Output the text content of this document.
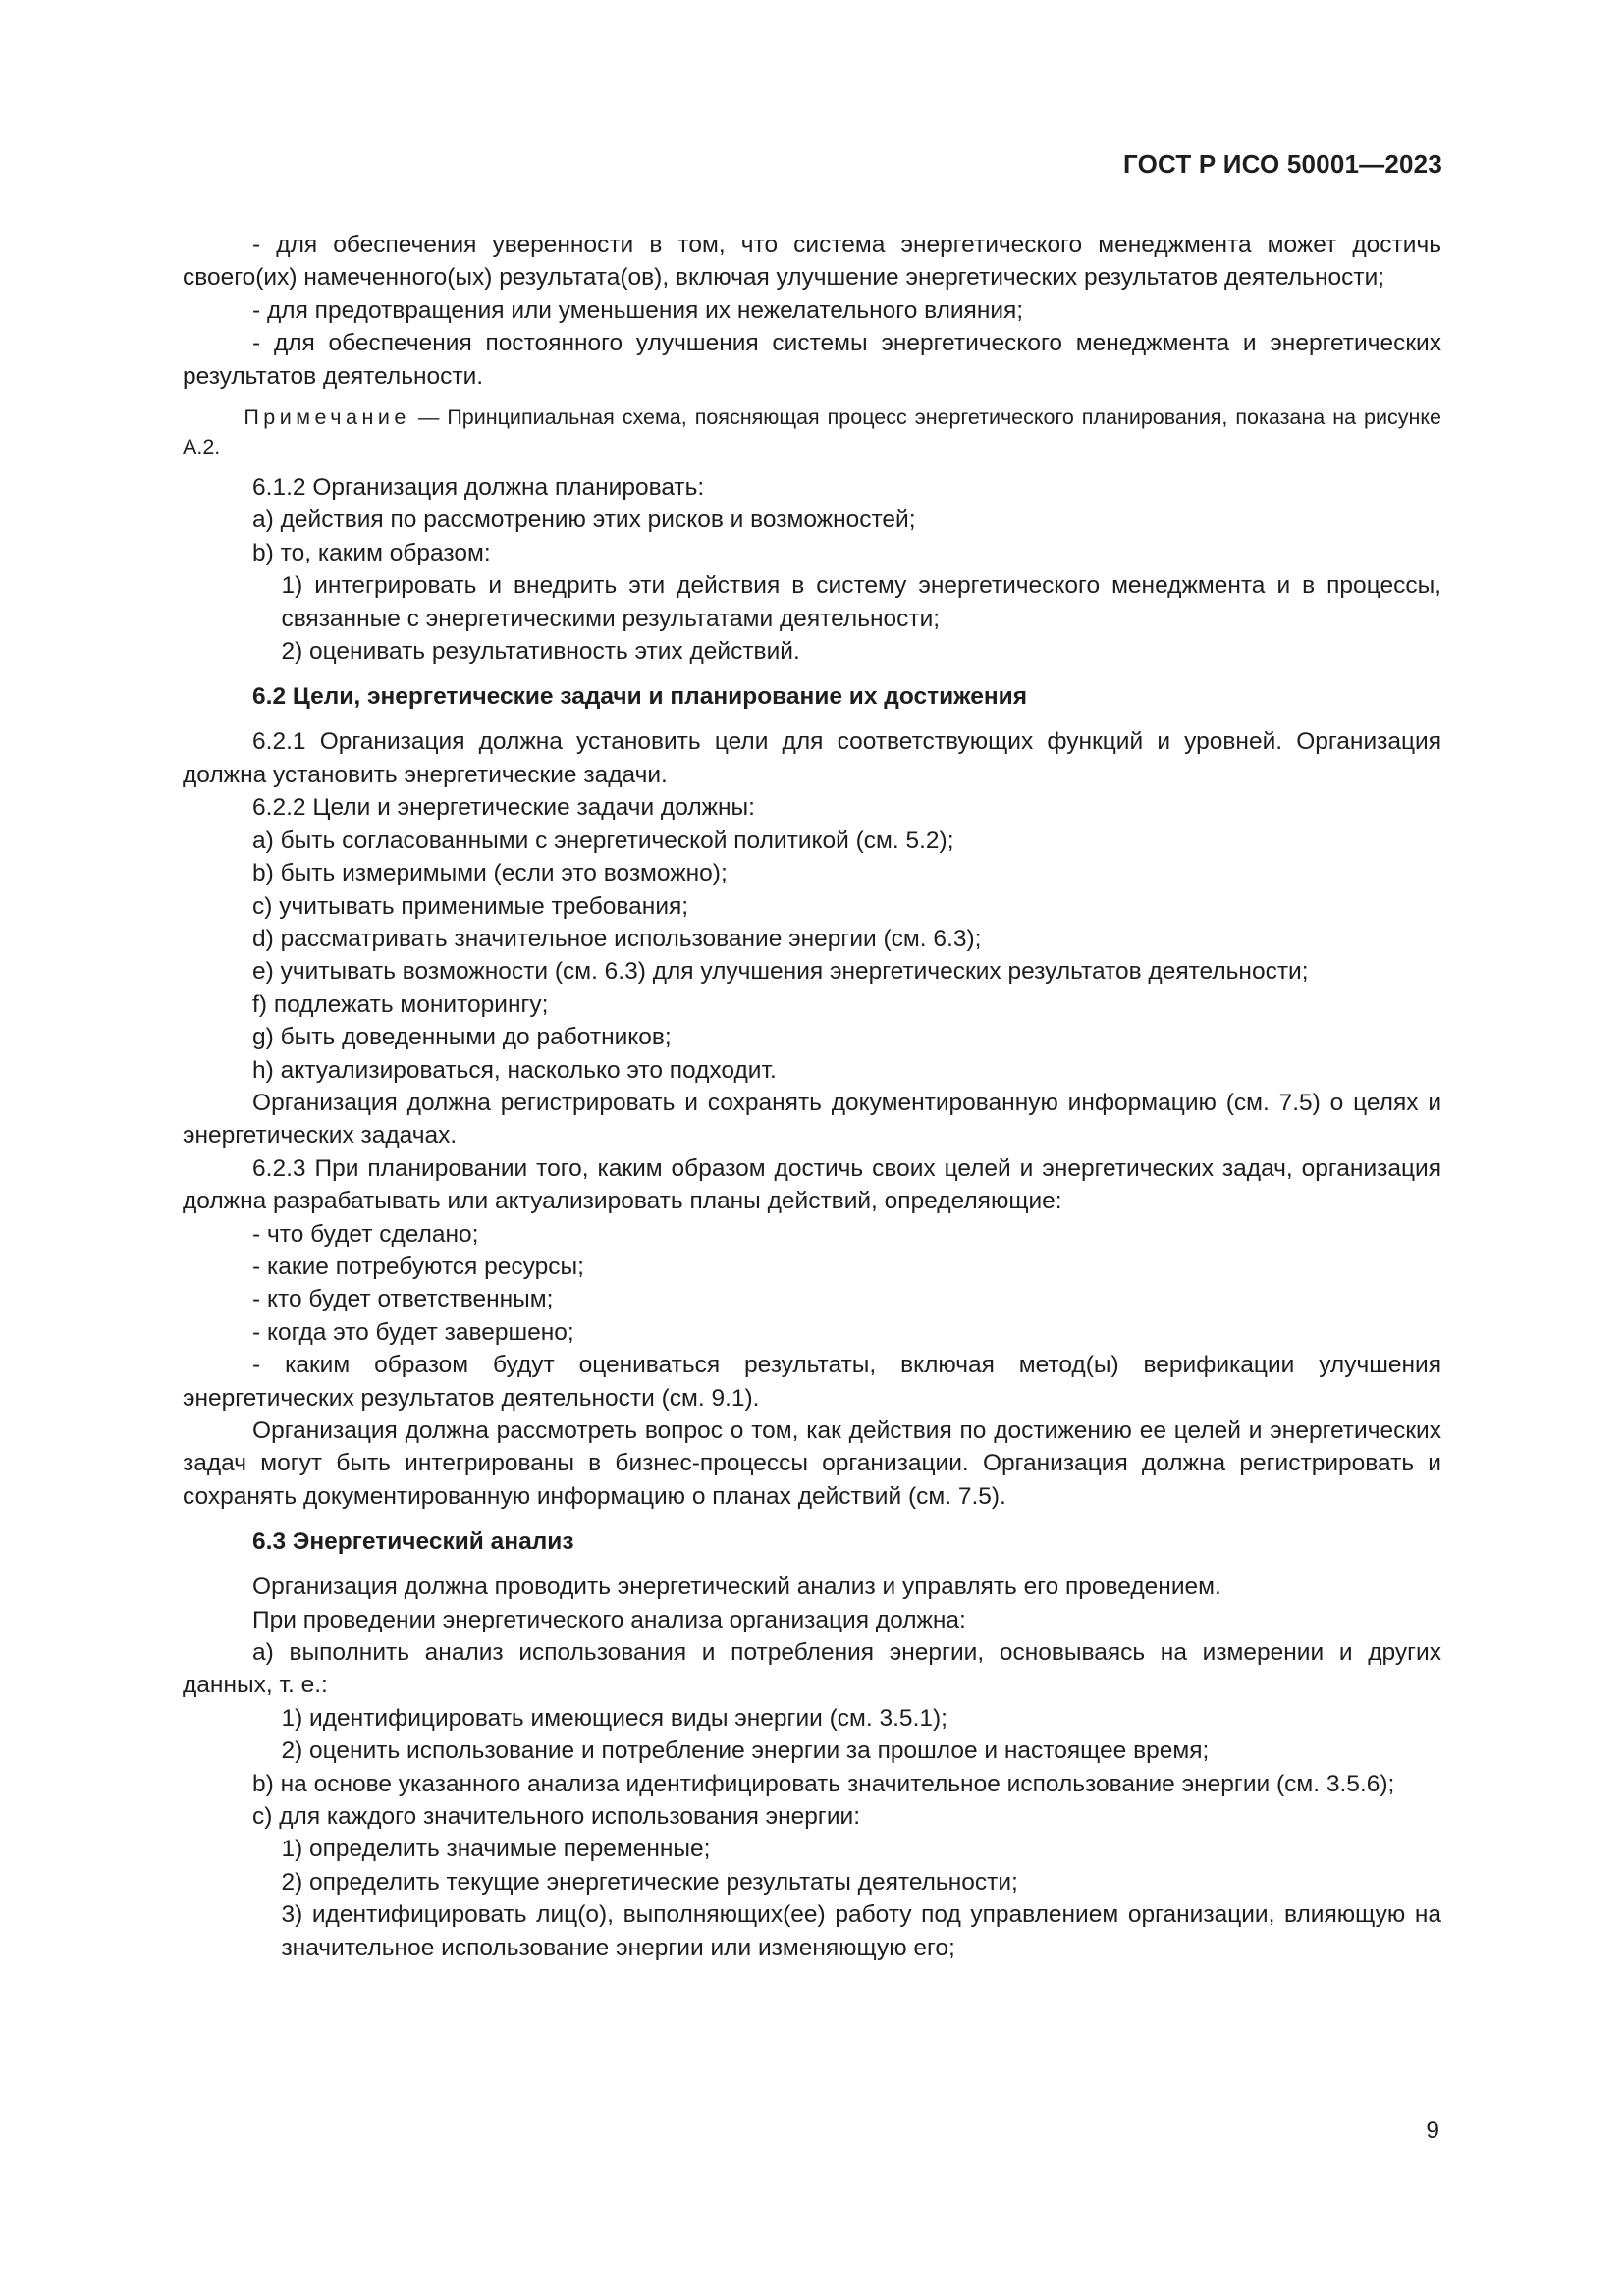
ГОСТ Р ИСО 50001—2023

- для обеспечения уверенности в том, что система энергетического менеджмента может достичь своего(их) намеченного(ых) результата(ов), включая улучшение энергетических результатов деятельности;

- для предотвращения или уменьшения их нежелательного влияния;

- для обеспечения постоянного улучшения системы энергетического менеджмента и энергетических результатов деятельности.

Примечание — Принципиальная схема, поясняющая процесс энергетического планирования, показана на рисунке А.2.

6.1.2 Организация должна планировать:

a) действия по рассмотрению этих рисков и возможностей;

b) то, каким образом:

1) интегрировать и внедрить эти действия в систему энергетического менеджмента и в процессы, связанные с энергетическими результатами деятельности;

2) оценивать результативность этих действий.

6.2 Цели, энергетические задачи и планирование их достижения

6.2.1 Организация должна установить цели для соответствующих функций и уровней. Организация должна установить энергетические задачи.

6.2.2 Цели и энергетические задачи должны:

a) быть согласованными с энергетической политикой (см. 5.2);

b) быть измеримыми (если это возможно);

c) учитывать применимые требования;

d) рассматривать значительное использование энергии (см. 6.3);

e) учитывать возможности (см. 6.3) для улучшения энергетических результатов деятельности;

f) подлежать мониторингу;

g) быть доведенными до работников;

h) актуализироваться, насколько это подходит.

Организация должна регистрировать и сохранять документированную информацию (см. 7.5) о целях и энергетических задачах.

6.2.3 При планировании того, каким образом достичь своих целей и энергетических задач, организация должна разрабатывать или актуализировать планы действий, определяющие:

- что будет сделано;

- какие потребуются ресурсы;

- кто будет ответственным;

- когда это будет завершено;

- каким образом будут оцениваться результаты, включая метод(ы) верификации улучшения энергетических результатов деятельности (см. 9.1).

Организация должна рассмотреть вопрос о том, как действия по достижению ее целей и энергетических задач могут быть интегрированы в бизнес-процессы организации. Организация должна регистрировать и сохранять документированную информацию о планах действий (см. 7.5).

6.3 Энергетический анализ

Организация должна проводить энергетический анализ и управлять его проведением.

При проведении энергетического анализа организация должна:

a) выполнить анализ использования и потребления энергии, основываясь на измерении и других данных, т. е.:

1) идентифицировать имеющиеся виды энергии (см. 3.5.1);

2) оценить использование и потребление энергии за прошлое и настоящее время;

b) на основе указанного анализа идентифицировать значительное использование энергии (см. 3.5.6);

c) для каждого значительного использования энергии:

1) определить значимые переменные;

2) определить текущие энергетические результаты деятельности;

3) идентифицировать лиц(о), выполняющих(ее) работу под управлением организации, влияющую на значительное использование энергии или изменяющую его;

9
